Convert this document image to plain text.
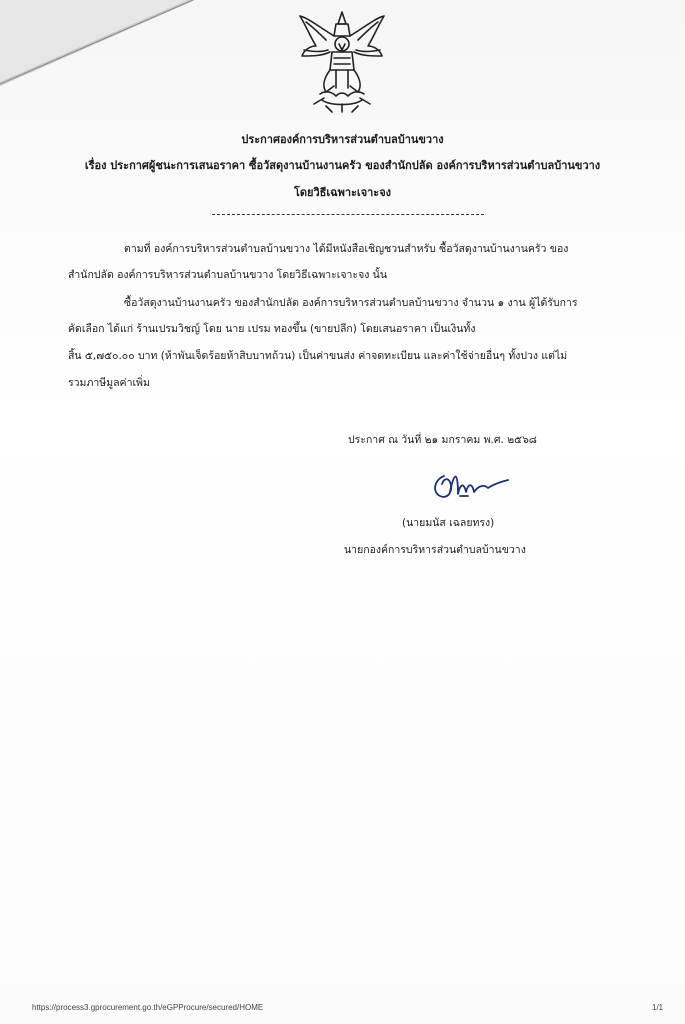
ประกาศองค์การบริหารส่วนตำบลบ้านขวาง
เรื่อง ประกาศผู้ชนะการเสนอราคา ซื้อวัสดุงานบ้านงานครัว ของสำนักปลัด องค์การบริหารส่วนตำบลบ้านขวาง
โดยวิธีเฉพาะเจาะจง
ตามที่ องค์การบริหารส่วนตำบลบ้านขวาง ได้มีหนังสือเชิญชวนสำหรับ ซื้อวัสดุงานบ้านงานครัว ของ
สำนักปลัด องค์การบริหารส่วนตำบลบ้านขวาง โดยวิธีเฉพาะเจาะจง นั้น
ซื้อวัสดุงานบ้านงานครัว ของสำนักปลัด องค์การบริหารส่วนตำบลบ้านขวาง จำนวน ๑ งาน ผู้ได้รับการ
คัดเลือก ได้แก่ ร้านเปรมวิชญ์ โดย นาย เปรม ทองขึ้น (ขายปลีก) โดยเสนอราคา เป็นเงินทั้ง
สิ้น ๕,๗๕๐.๐๐ บาท (ห้าพันเจ็ดร้อยห้าสิบบาทถ้วน) เป็นค่าขนส่ง ค่าจดทะเบียน และค่าใช้จ่ายอื่นๆ ทั้งปวง แต่ไม่
รวมภาษีมูลค่าเพิ่ม
ประกาศ ณ วันที่ ๒๑ มกราคม พ.ศ. ๒๕๖๘
(นายมนัส เฉลยทรง)
นายกองค์การบริหารส่วนตำบลบ้านขวาง
https://process3.gprocurement.go.th/eGPProcure/secured/HOME	1/1
